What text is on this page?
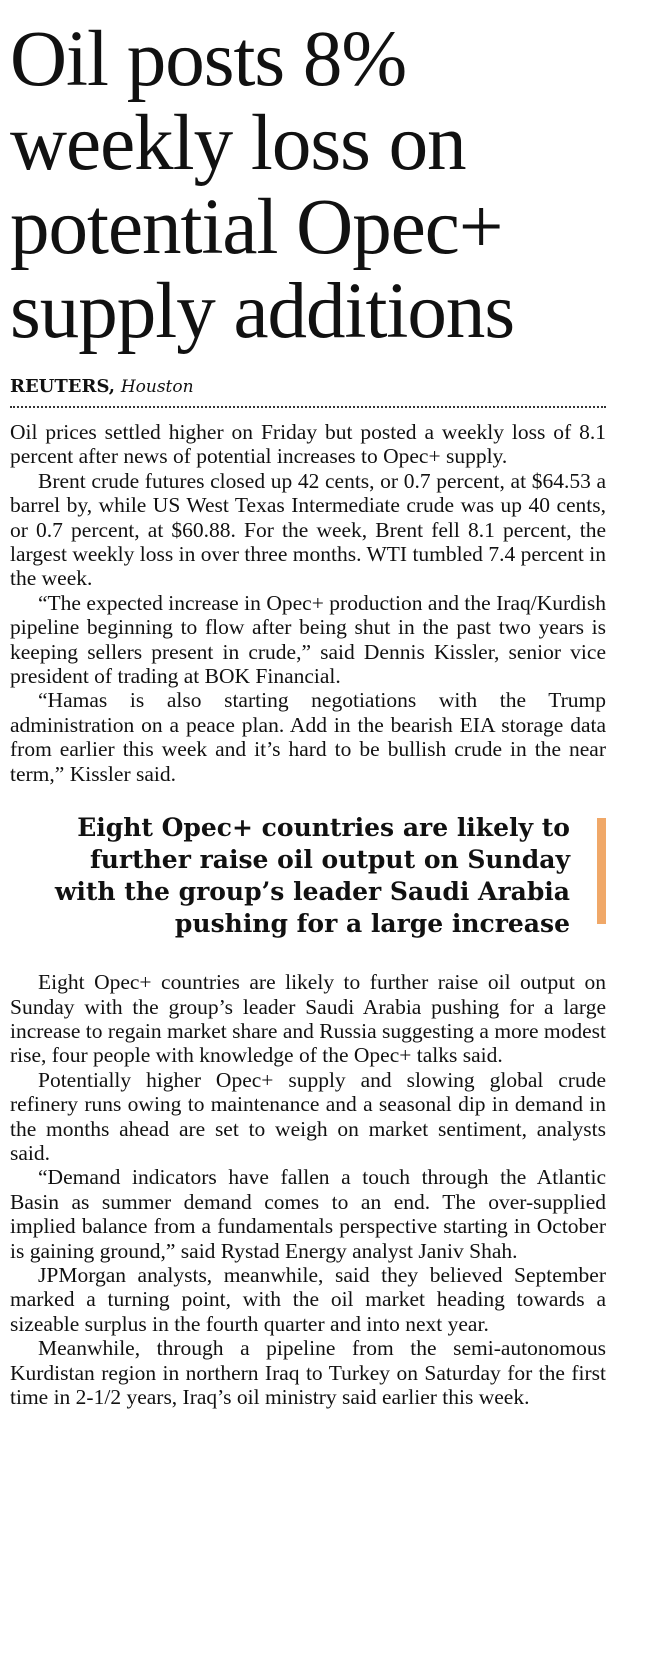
Oil posts 8%
weekly loss on
potential Opec+
supply additions
REUTERS, Houston

Oil prices settled higher on Friday but posted a weekly loss of 8.1 percent after news of potential increases to Opec+ supply.

Brent crude futures closed up 42 cents, or 0.7 percent, at $64.53 a barrel by, while US West Texas Intermediate crude was up 40 cents, or 0.7 percent, at $60.88. For the week, Brent fell 8.1 percent, the largest weekly loss in over three months. WTI tumbled 7.4 percent in the week.

“The expected increase in Opec+ production and the Iraq/Kurdish pipeline beginning to flow after being shut in the past two years is keeping sellers present in crude,” said Dennis Kissler, senior vice president of trading at BOK Financial.

“Hamas is also starting negotiations with the Trump administration on a peace plan. Add in the bearish EIA storage data from earlier this week and it’s hard to be bullish crude in the near term,” Kissler said.

Eight Opec+ countries are likely to
further raise oil output on Sunday
with the group’s leader Saudi Arabia
pushing for a large increase

Eight Opec+ countries are likely to further raise oil output on Sunday with the group’s leader Saudi Arabia pushing for a large increase to regain market share and Russia suggesting a more modest rise, four people with knowledge of the Opec+ talks said.

Potentially higher Opec+ supply and slowing global crude refinery runs owing to maintenance and a seasonal dip in demand in the months ahead are set to weigh on market sentiment, analysts said.

“Demand indicators have fallen a touch through the Atlantic Basin as summer demand comes to an end. The over-supplied implied balance from a fundamentals perspective starting in October is gaining ground,” said Rystad Energy analyst Janiv Shah.

JPMorgan analysts, meanwhile, said they believed September marked a turning point, with the oil market heading towards a sizeable surplus in the fourth quarter and into next year.

Meanwhile, through a pipeline from the semi-autonomous Kurdistan region in northern Iraq to Turkey on Saturday for the first time in 2-1/2 years, Iraq’s oil ministry said earlier this week.
